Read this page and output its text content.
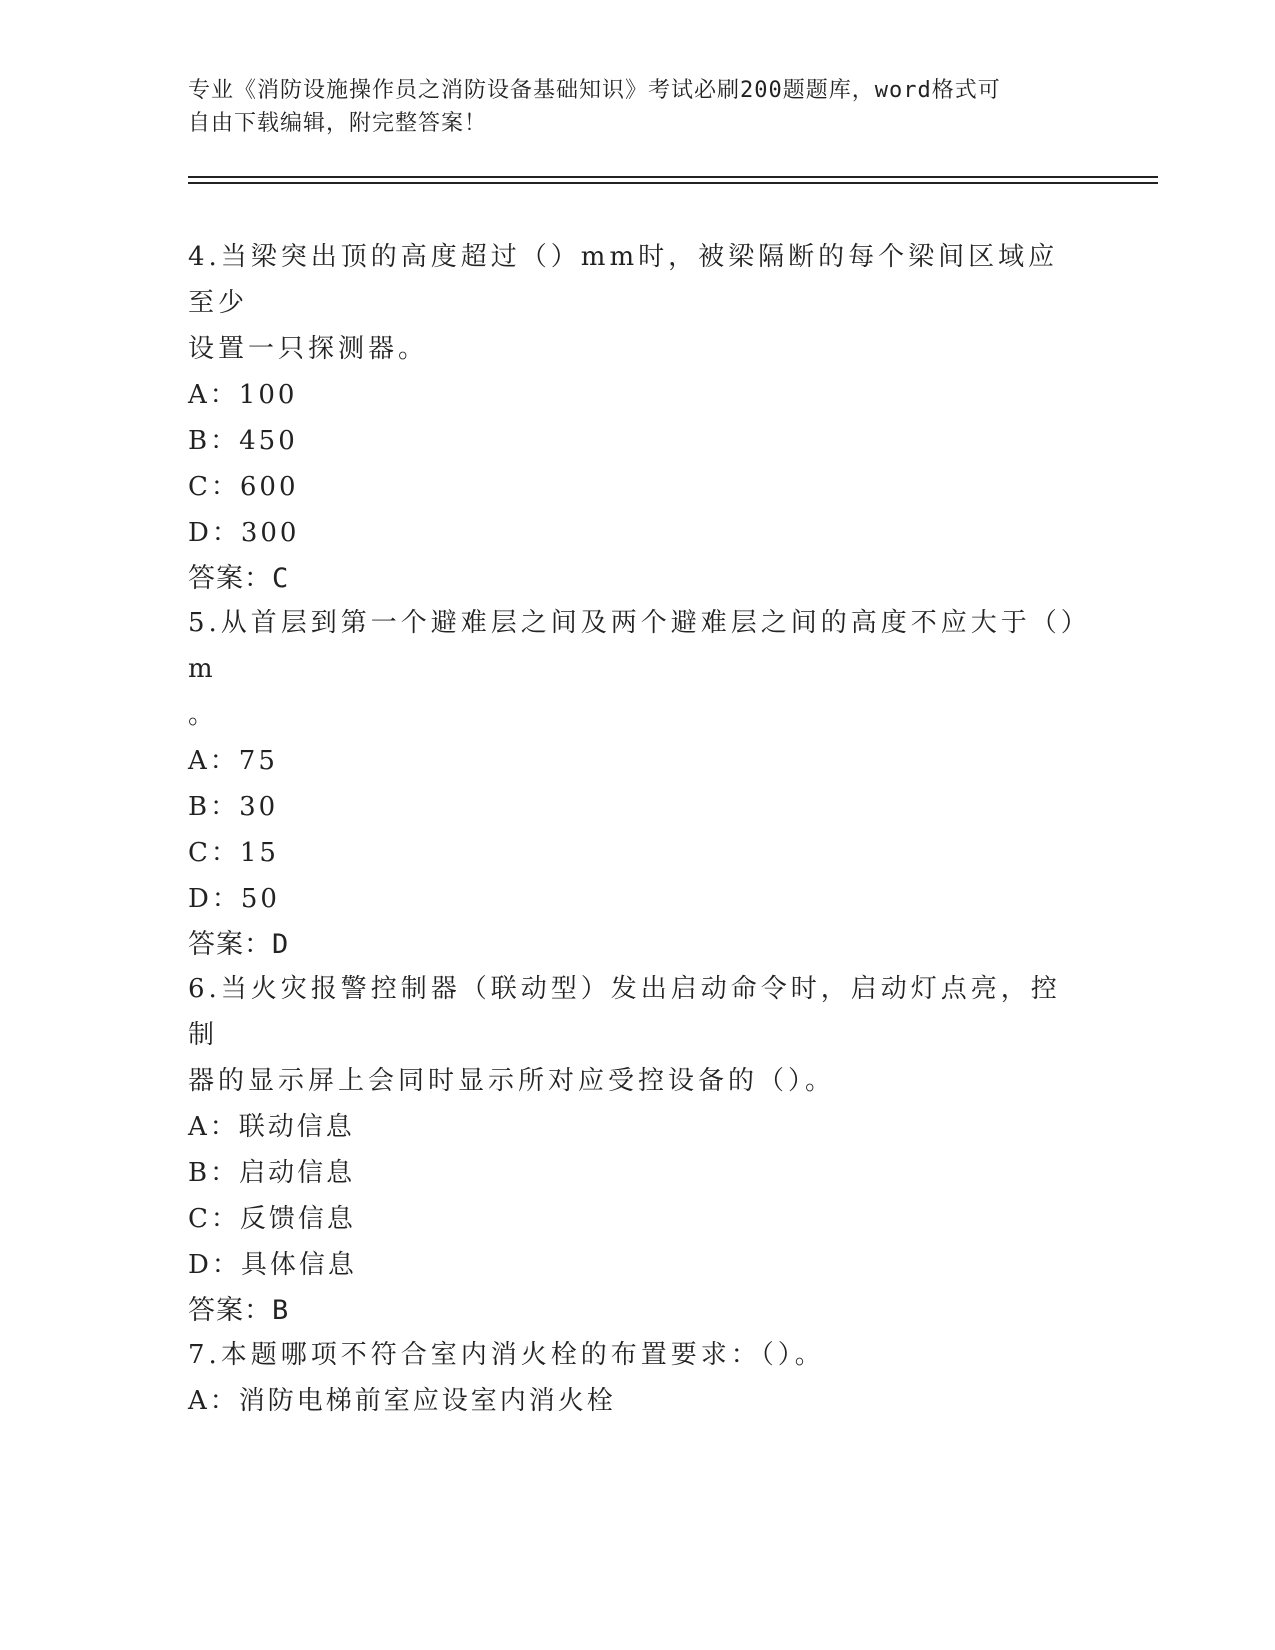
专业《消防设施操作员之消防设备基础知识》考试必刷200题题库，word格式可
自由下载编辑，附完整答案！

4.当梁突出顶的高度超过（）mm时，被梁隔断的每个梁间区域应至少

设置一只探测器。

A：100

B：450

C：600

D：300

答案：C

5.从首层到第一个避难层之间及两个避难层之间的高度不应大于（）m

。

A：75

B：30

C：15

D：50

答案：D

6.当火灾报警控制器（联动型）发出启动命令时，启动灯点亮，控制

器的显示屏上会同时显示所对应受控设备的（）。

A：联动信息

B：启动信息

C：反馈信息

D：具体信息

答案：B

7.本题哪项不符合室内消火栓的布置要求：（）。

A：消防电梯前室应设室内消火栓
